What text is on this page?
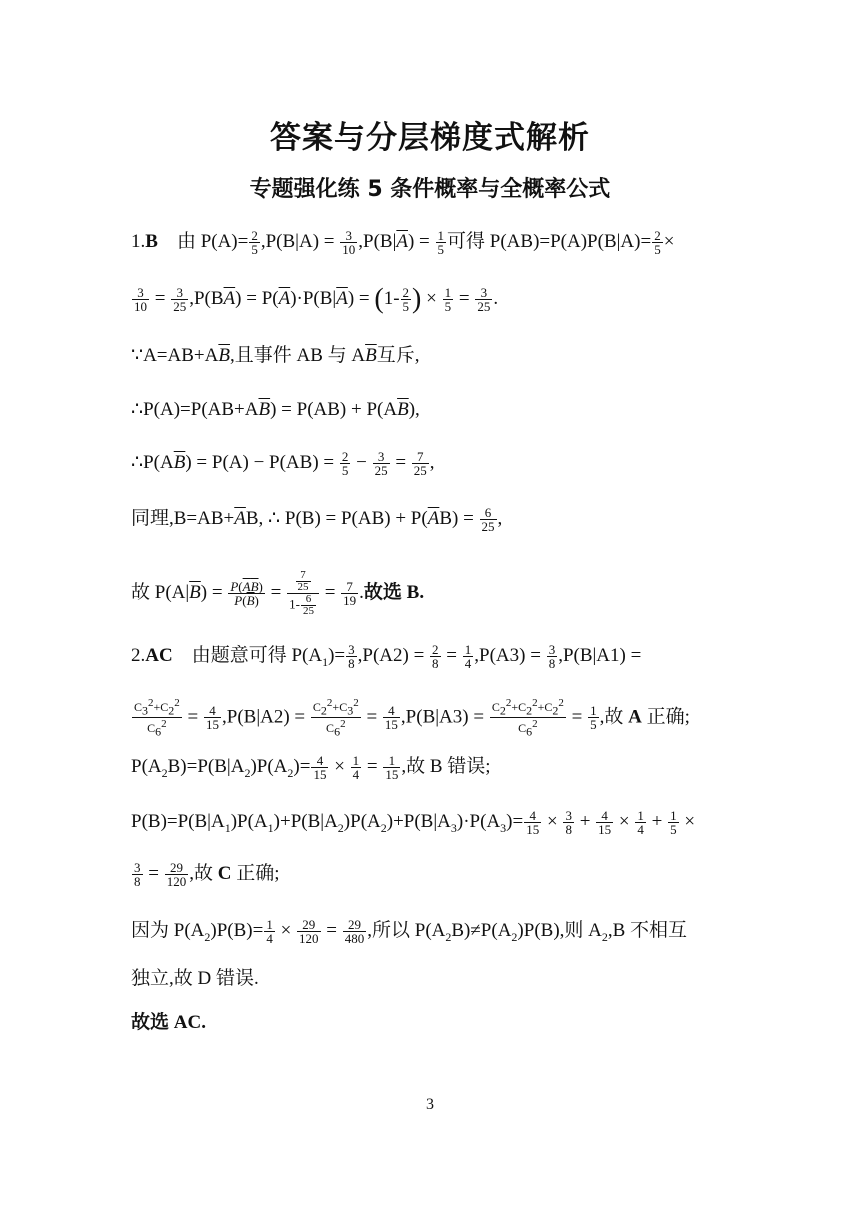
答案与分层梯度式解析
专题强化练 5 条件概率与全概率公式
1.B    由 $P(A)= \frac{2}{5} ,P(B|A) = \frac{3}{10} ,P(B|\overline{A}) = \frac{1}{5}$ 可得 $P(AB)=P(A)P(B|A)= \frac{2}{5}$ ×
$\frac{3}{10} = \frac{3}{25} ,P(B\overline{A}) = P(\overline{A})\cdot P(B|\overline{A}) = (1- \frac{2}{5}$ ) × $\frac{1}{5} = \frac{3}{25}$ .
$\because A=AB+A\overline{B}$,且事件 AB 与 $A\overline{B}$互斥,
$\therefore P(A)=P(AB+A\overline{B}) = P(AB) + P(A\overline{B})$,
$\therefore P(A\overline{B}) = P(A) - P(AB) = \frac{2}{5} - \frac{3}{25} = \frac{7}{25}$ ,
同理$,B=AB+\overline{A}B$, ∴ $P(B) = P(AB) + P(\overline{A}B) = \frac{6}{25}$ ,
故 $P(A|\overline{B}) = \frac{P(\overline{A}\overline{B})}{P(\overline{B})} = \frac{\frac{7}{25}}{1- \frac{6}{25}} = \frac{7}{19}$ .故选 B.
2.AC    由题意可得 $P(A_1)= \frac{3}{8} ,P(A2) = \frac{2}{8} = \frac{1}{4} ,P(A3) = \frac{3}{8} ,P(B|A1)$ =
$\frac{C_3^2+C_2^2}{C_6^2} = \frac{4}{15} ,P(B|A2) = \frac{C_2^2+C_3^2}{C_6^2} = \frac{4}{15} ,P(B|A3) = \frac{C_2^2+C_2^2+C_2^2}{C_6^2} = \frac{1}{5}$ ,故 A 正确;
$P(A_2B)=P(B|A_2)P(A_2)= \frac{4}{15} \times \frac{1}{4} = \frac{1}{15}$ ,故 B 错误;
$P(B)=P(B|A_1)P(A_1)+P(B|A_2)P(A_2)+P(B|A_3)\cdot P(A_3)= \frac{4}{15} \times \frac{3}{8} + \frac{4}{15} \times \frac{1}{4} + \frac{1}{5}$ ×
$\frac{3}{8} = \frac{29}{120}$ ,故 C 正确;
因为 $P(A_2)P(B)= \frac{1}{4} \times \frac{29}{120} = \frac{29}{480}$ ,所以 $P(A_2B)\ne P(A_2)P(B)$,则 $A_2,B$ 不相互
独立,故 D 错误.
故选 AC.
3
